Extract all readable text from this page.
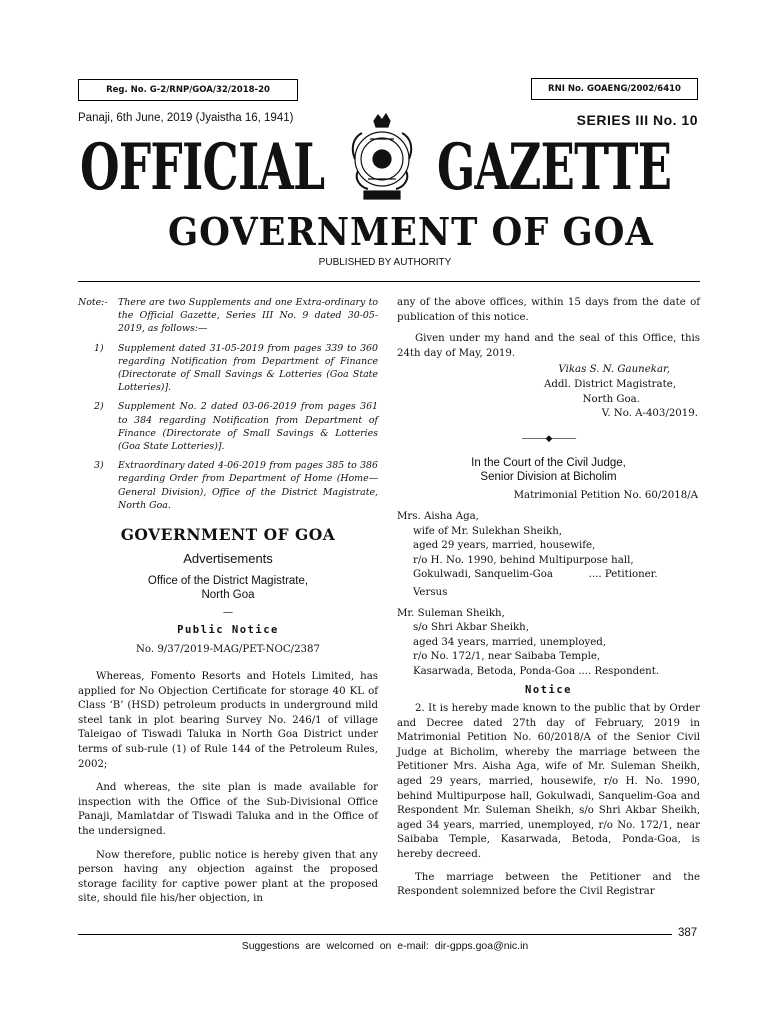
Reg. No. G-2/RNP/GOA/32/2018-20	RNI No. GOAENG/2002/6410
Panaji, 6th June, 2019 (Jyaistha 16, 1941)	SERIES III No. 10
OFFICIAL GAZETTE
GOVERNMENT OF GOA
PUBLISHED BY AUTHORITY
Note:-	There are two Supplements and one Extra-ordinary to the Official Gazette, Series III No. 9 dated 30-05-2019, as follows:—
1)	Supplement dated 31-05-2019 from pages 339 to 360 regarding Notification from Department of Finance (Directorate of Small Savings & Lotteries (Goa State Lotteries)].
2)	Supplement No. 2 dated 03-06-2019 from pages 361 to 384 regarding Notification from Department of Finance (Directorate of Small Savings & Lotteries (Goa State Lotteries)].
3)	Extraordinary dated 4-06-2019 from pages 385 to 386 regarding Order from Department of Home (Home—General Division), Office of the District Magistrate, North Goa.
GOVERNMENT OF GOA
Advertisements
Office of the District Magistrate,
North Goa
—
Public Notice
No. 9/37/2019-MAG/PET-NOC/2387

Whereas, Fomento Resorts and Hotels Limited, has applied for No Objection Certificate for storage 40 KL of Class ‘B’ (HSD) petroleum products in underground mild steel tank in plot bearing Survey No. 246/1 of village Taleigao of Tiswadi Taluka in North Goa District under terms of sub-rule (1) of Rule 144 of the Petroleum Rules, 2002;

And whereas, the site plan is made available for inspection with the Office of the Sub-Divisional Office Panaji, Mamlatdar of Tiswadi Taluka and in the Office of the undersigned.

Now therefore, public notice is hereby given that any person having any objection against the proposed storage facility for captive power plant at the proposed site, should file his/her objection, in

any of the above offices, within 15 days from the date of publication of this notice.

Given under my hand and the seal of this Office, this 24th day of May, 2019.

Vikas S. N. Gaunekar,
Addl. District Magistrate,
North Goa.
V. No. A-403/2019.
———◆———
In the Court of the Civil Judge,
Senior Division at Bicholim
Matrimonial Petition No. 60/2018/A
Mrs. Aisha Aga,
wife of Mr. Sulekhan Sheikh,
aged 29 years, married, housewife,
r/o H. No. 1990, behind Multipurpose hall,
Gokulwadi, Sanquelim-Goa           .... Petitioner.
Versus
Mr. Suleman Sheikh,
s/o Shri Akbar Sheikh,
aged 34 years, married, unemployed,
r/o No. 172/1, near Saibaba Temple,
Kasarwada, Betoda, Ponda-Goa .... Respondent.
Notice

2. It is hereby made known to the public that by Order and Decree dated 27th day of February, 2019 in Matrimonial Petition No. 60/2018/A of the Senior Civil Judge at Bicholim, whereby the marriage between the Petitioner Mrs. Aisha Aga, wife of Mr. Suleman Sheikh, aged 29 years, married, housewife, r/o H. No. 1990, behind Multipurpose hall, Gokulwadi, Sanquelim-Goa and Respondent Mr. Suleman Sheikh, s/o Shri Akbar Sheikh, aged 34 years, married, unemployed, r/o No. 172/1, near Saibaba Temple, Kasarwada, Betoda, Ponda-Goa, is hereby decreed.

The marriage between the Petitioner and the Respondent solemnized before the Civil Registrar

387
Suggestions are welcomed on e-mail: dir-gpps.goa@nic.in
